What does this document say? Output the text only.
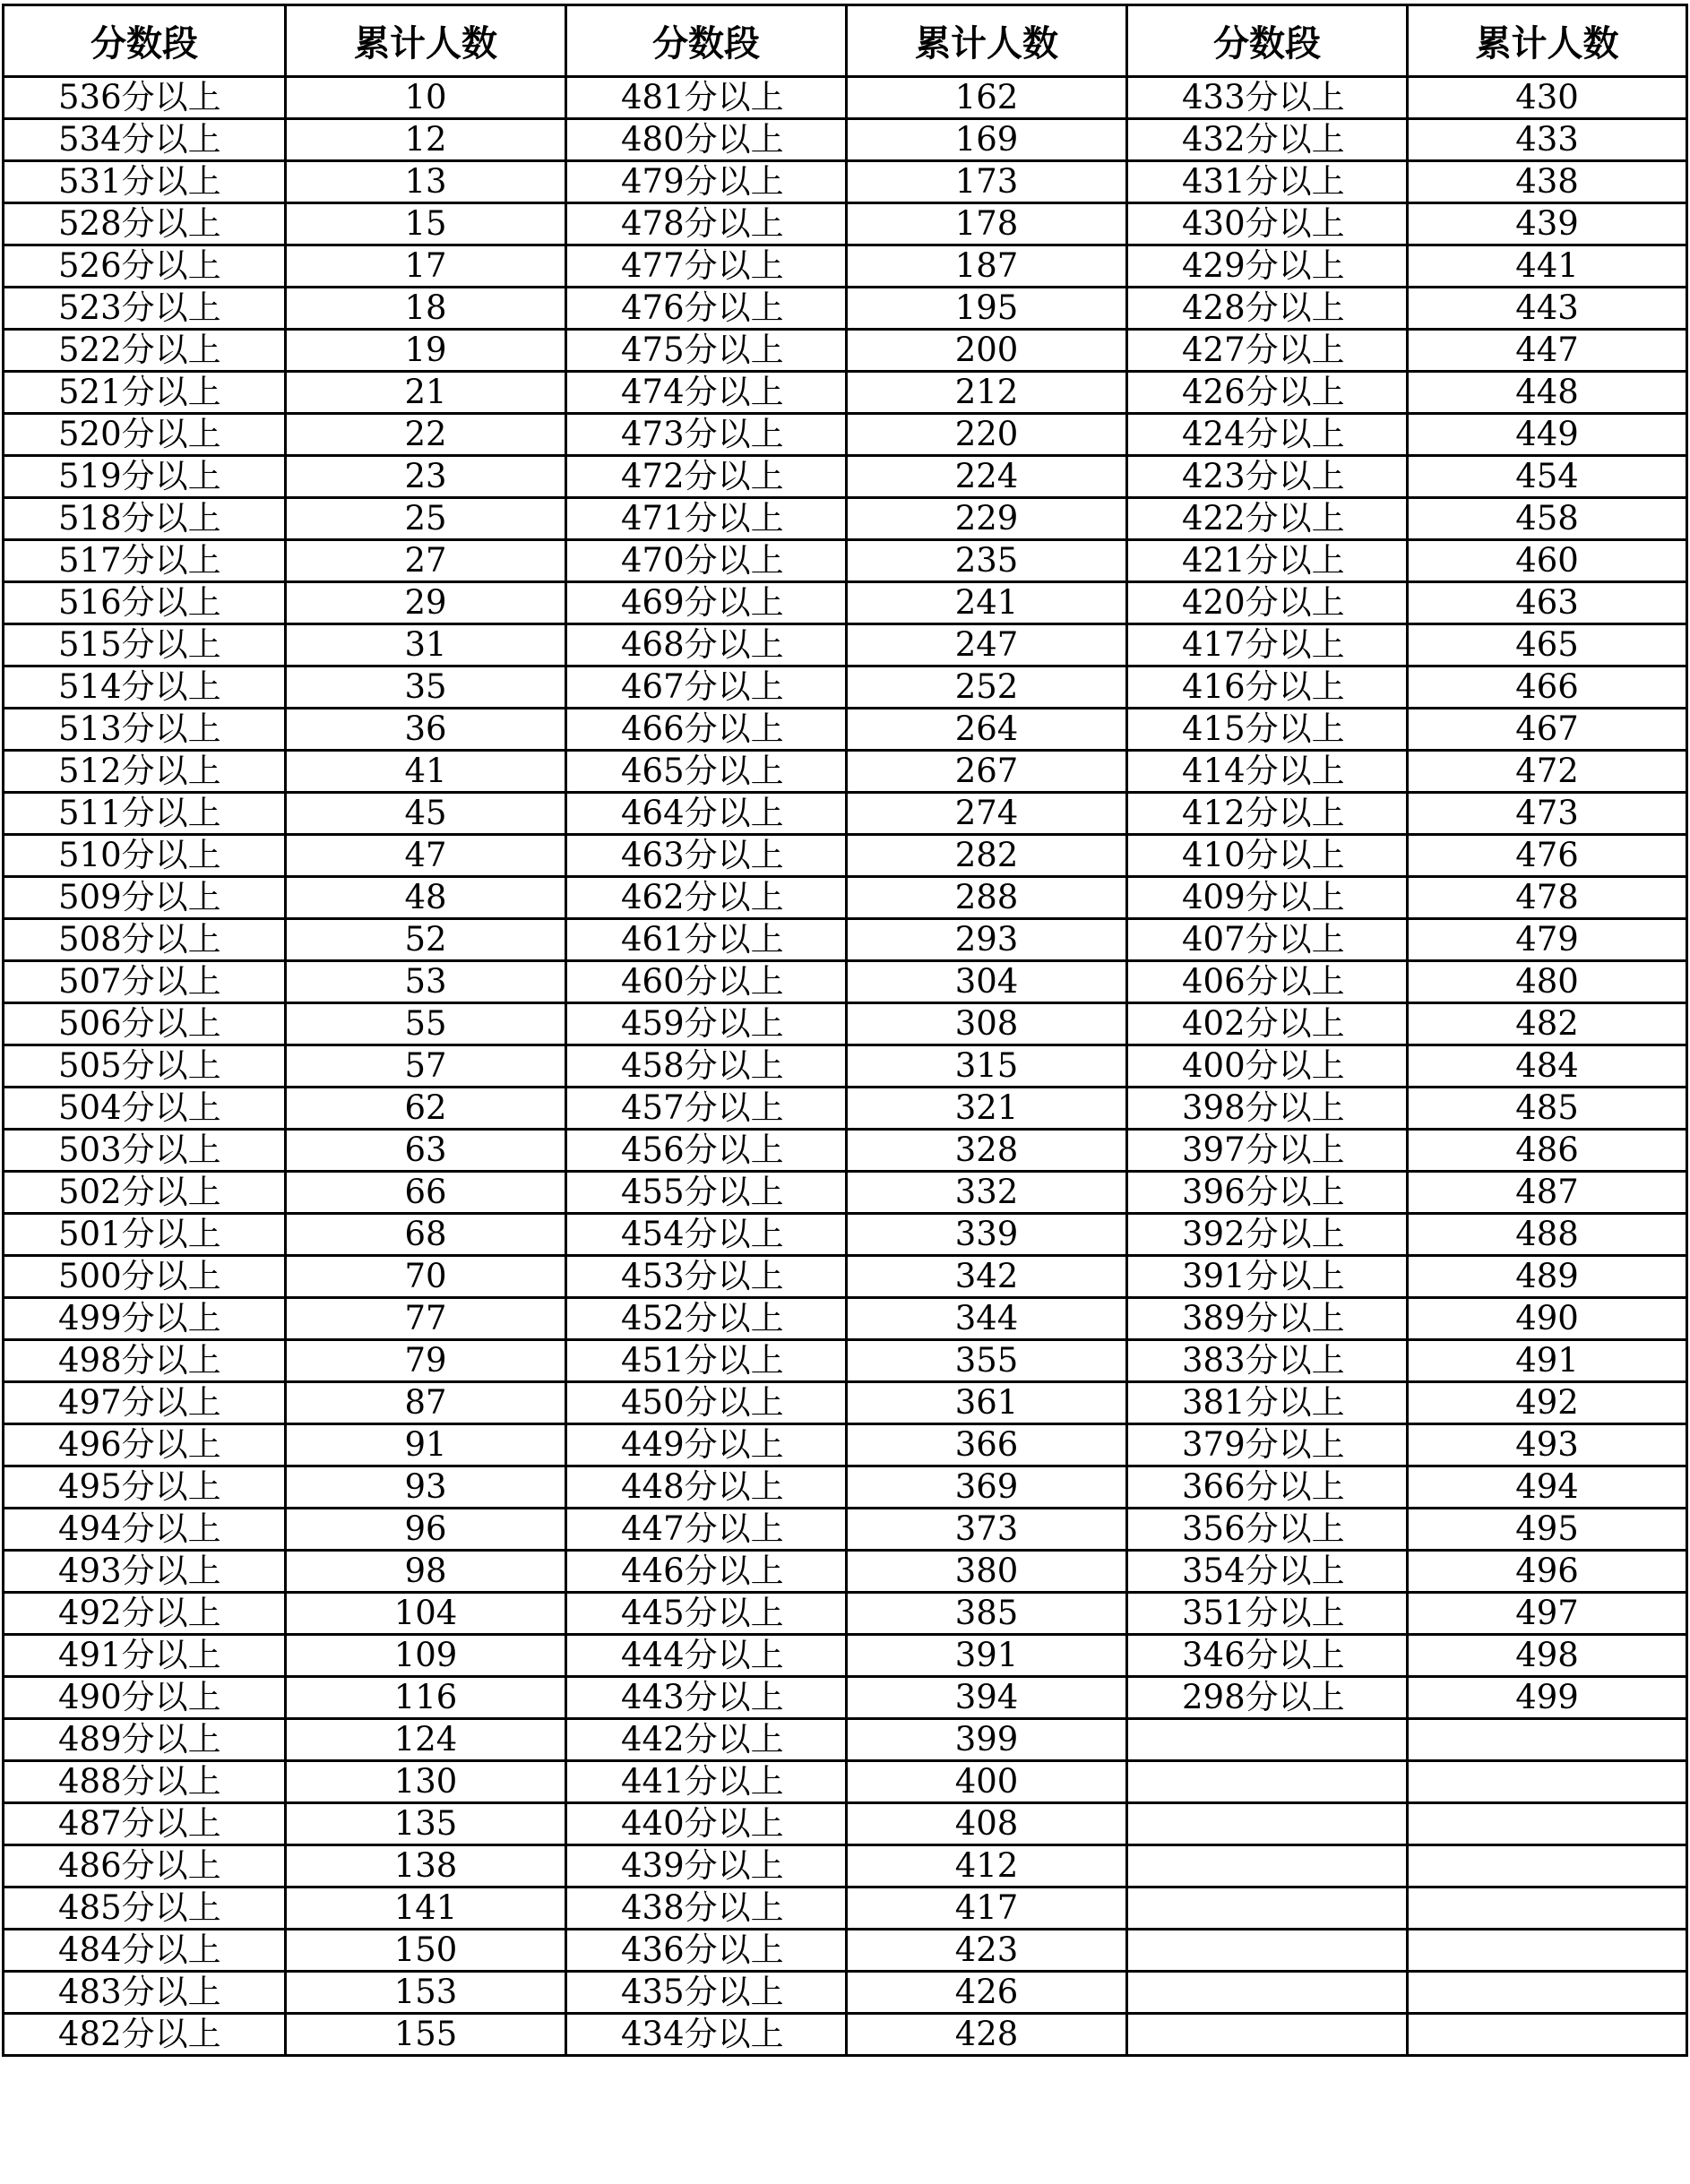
分数段	累计人数	分数段	累计人数	分数段	累计人数
536分以上	10	481分以上	162	433分以上	430
534分以上	12	480分以上	169	432分以上	433
531分以上	13	479分以上	173	431分以上	438
528分以上	15	478分以上	178	430分以上	439
526分以上	17	477分以上	187	429分以上	441
523分以上	18	476分以上	195	428分以上	443
522分以上	19	475分以上	200	427分以上	447
521分以上	21	474分以上	212	426分以上	448
520分以上	22	473分以上	220	424分以上	449
519分以上	23	472分以上	224	423分以上	454
518分以上	25	471分以上	229	422分以上	458
517分以上	27	470分以上	235	421分以上	460
516分以上	29	469分以上	241	420分以上	463
515分以上	31	468分以上	247	417分以上	465
514分以上	35	467分以上	252	416分以上	466
513分以上	36	466分以上	264	415分以上	467
512分以上	41	465分以上	267	414分以上	472
511分以上	45	464分以上	274	412分以上	473
510分以上	47	463分以上	282	410分以上	476
509分以上	48	462分以上	288	409分以上	478
508分以上	52	461分以上	293	407分以上	479
507分以上	53	460分以上	304	406分以上	480
506分以上	55	459分以上	308	402分以上	482
505分以上	57	458分以上	315	400分以上	484
504分以上	62	457分以上	321	398分以上	485
503分以上	63	456分以上	328	397分以上	486
502分以上	66	455分以上	332	396分以上	487
501分以上	68	454分以上	339	392分以上	488
500分以上	70	453分以上	342	391分以上	489
499分以上	77	452分以上	344	389分以上	490
498分以上	79	451分以上	355	383分以上	491
497分以上	87	450分以上	361	381分以上	492
496分以上	91	449分以上	366	379分以上	493
495分以上	93	448分以上	369	366分以上	494
494分以上	96	447分以上	373	356分以上	495
493分以上	98	446分以上	380	354分以上	496
492分以上	104	445分以上	385	351分以上	497
491分以上	109	444分以上	391	346分以上	498
490分以上	116	443分以上	394	298分以上	499
489分以上	124	442分以上	399		
488分以上	130	441分以上	400		
487分以上	135	440分以上	408		
486分以上	138	439分以上	412		
485分以上	141	438分以上	417		
484分以上	150	436分以上	423		
483分以上	153	435分以上	426		
482分以上	155	434分以上	428		
